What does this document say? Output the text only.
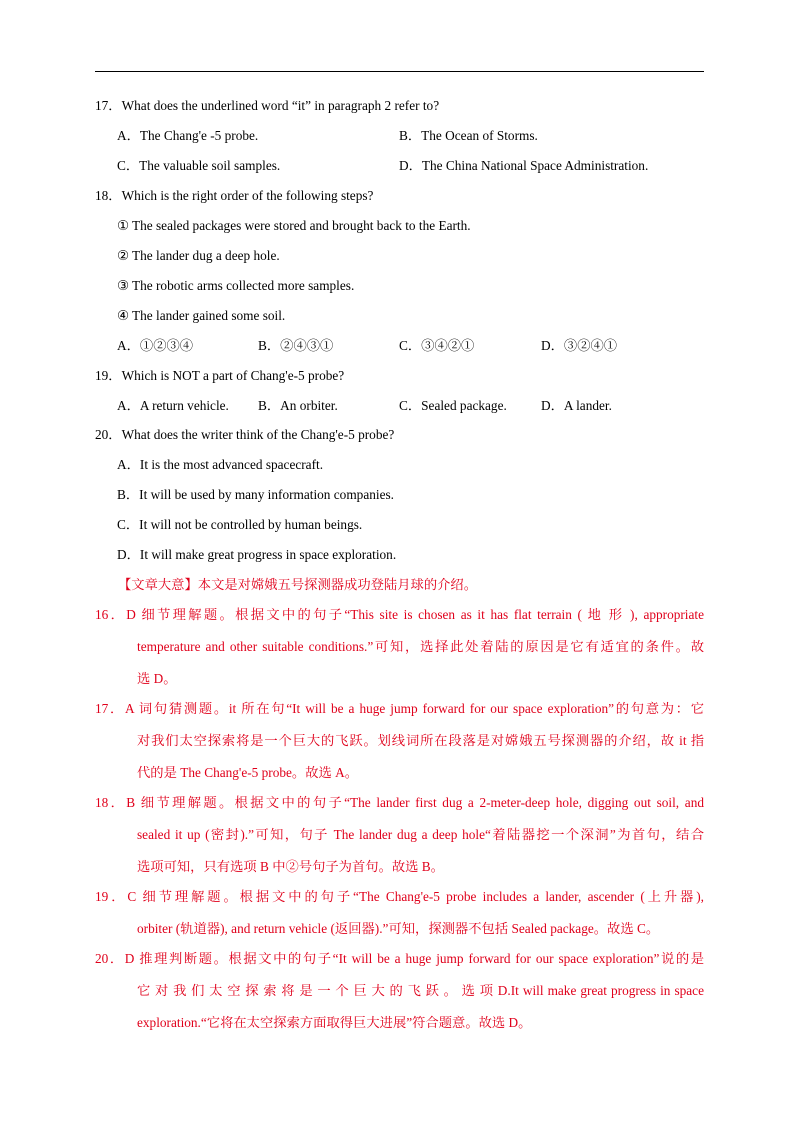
17．What does the underlined word “it” in paragraph 2 refer to?
A．The Chang'e -5 probe.	B．The Ocean of Storms.
C．The valuable soil samples.	D．The China National Space Administration.
18．Which is the right order of the following steps?
① The sealed packages were stored and brought back to the Earth.
② The lander dug a deep hole.
③ The robotic arms collected more samples.
④ The lander gained some soil.
A．①②③④	B．②④③①	C．③④②①	D．③②④①
19．Which is NOT a part of Chang'e-5 probe?
A．A return vehicle. B．An orbiter.	C．Sealed package.	D．A lander.
20．What does the writer think of the Chang'e-5 probe?
A．It is the most advanced spacecraft.
B．It will be used by many information companies.
C．It will not be controlled by human beings.
D．It will make great progress in space exploration.
【文章大意】本文是对嫦娥五号探测器成功登陆月球的介绍。
16．D 细节理解题。根据文中的句子“This site is chosen as it has flat terrain ( 地 形 ), appropriate
temperature and other suitable conditions.”可知，选择此处着陆的原因是它有适宜的条件。故
选 D。
17．A 词句猜测题。it 所在句“It will be a huge jump forward for our space exploration”的句意为：它
对我们太空探索将是一个巨大的飞跃。划线词所在段落是对嫦娥五号探测器的介绍，故 it 指
代的是 The Chang'e-5 probe。故选 A。
18．B 细节理解题。根据文中的句子“The lander first dug a 2-meter-deep hole, digging out soil, and
sealed it up (密封).”可知，句子 The lander dug a deep hole“着陆器挖一个深洞”为首句，结合
选项可知，只有选项 B 中②号句子为首句。故选 B。
19．C 细节理解题。根据文中的句子“The Chang'e-5 probe includes a lander, ascender (上升器),
orbiter (轨道器), and return vehicle (返回器).”可知，探测器不包括 Sealed package。故选 C。
20．D 推理判断题。根据文中的句子“It will be a huge jump forward for our space exploration”说的是
它 对 我 们 太 空 探 索 将 是 一 个 巨 大 的 飞 跃 。 选 项 D.It will make great progress in space
exploration.“它将在太空探索方面取得巨大进展”符合题意。故选 D。
